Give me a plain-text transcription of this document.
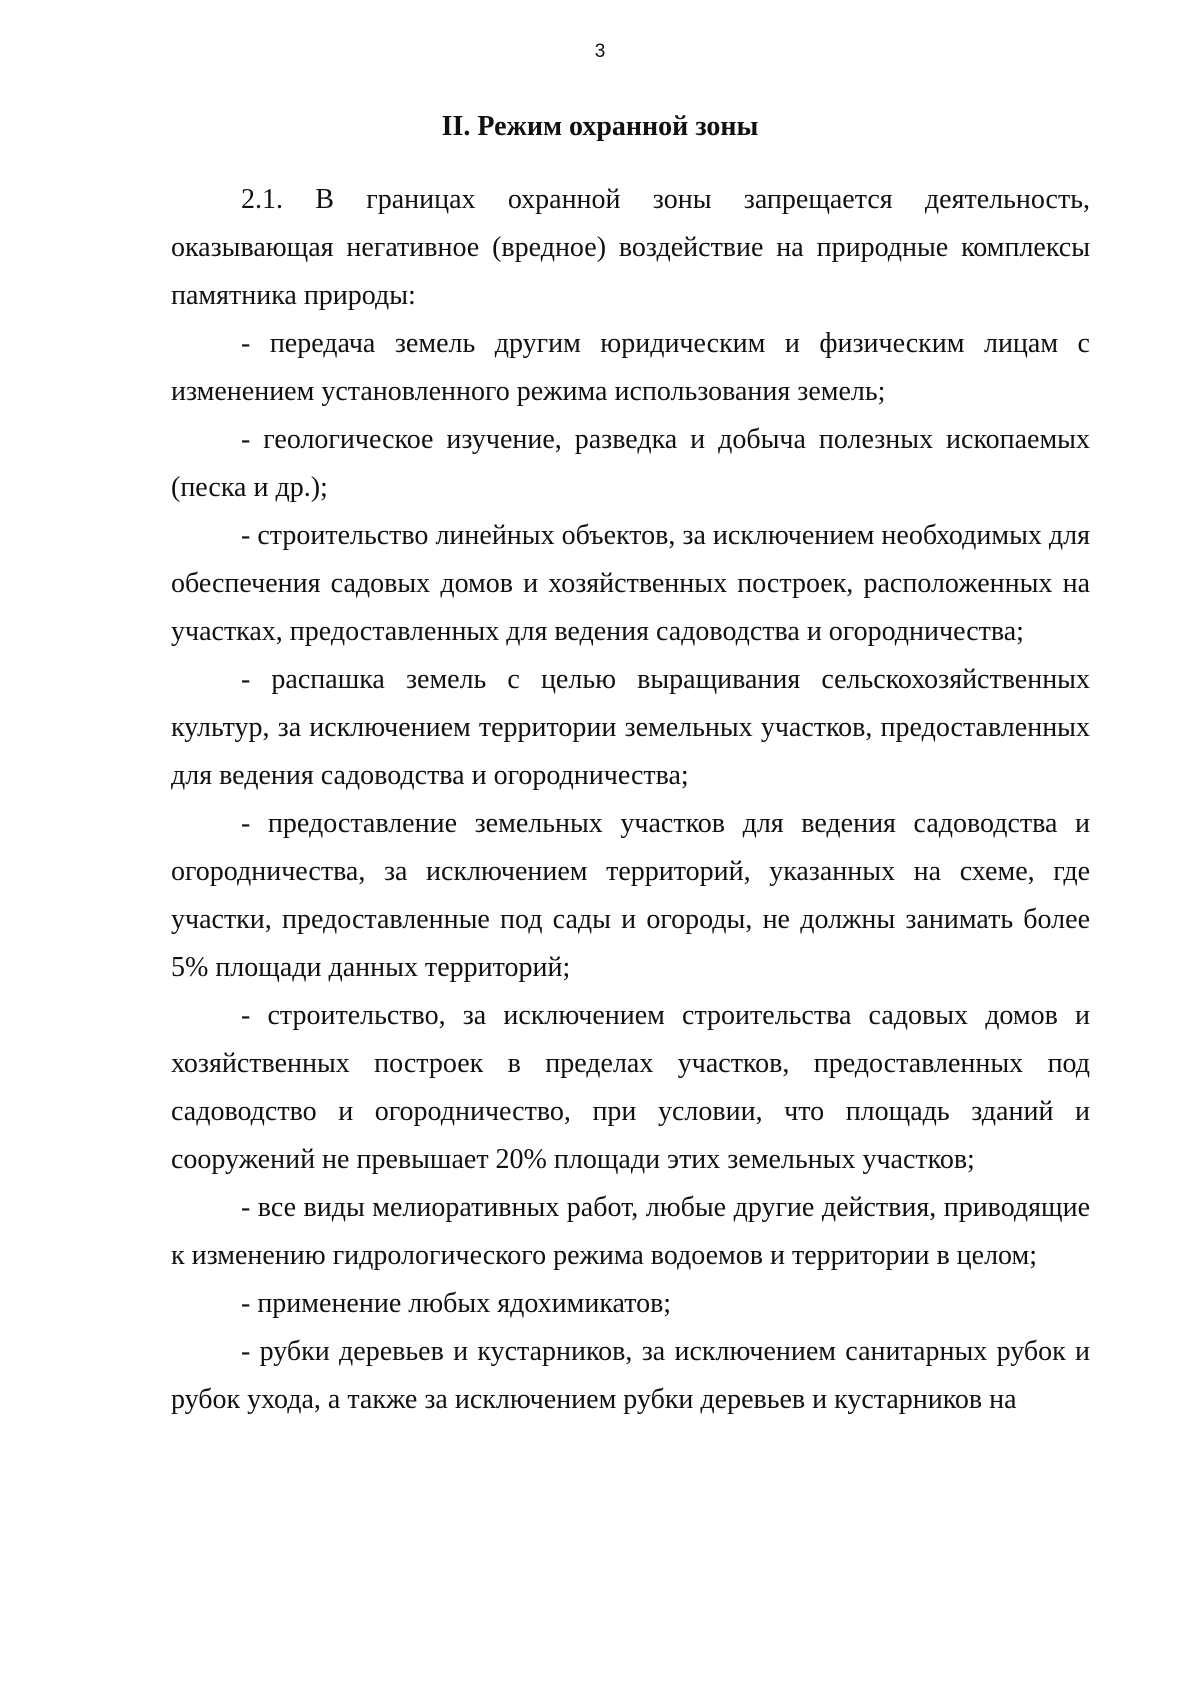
3
II. Режим охранной зоны

2.1. В границах охранной зоны запрещается деятельность, оказывающая негативное (вредное) воздействие на природные комплексы памятника природы:

- передача земель другим юридическим и физическим лицам с изменением установленного режима использования земель;

- геологическое изучение, разведка и добыча полезных ископаемых (песка и др.);

- строительство линейных объектов, за исключением необходимых для обеспечения садовых домов и хозяйственных построек, расположенных на участках, предоставленных для ведения садоводства и огородничества;

- распашка земель с целью выращивания сельскохозяйственных культур, за исключением территории земельных участков, предоставленных для ведения садоводства и огородничества;

- предоставление земельных участков для ведения садоводства и огородничества, за исключением территорий, указанных на схеме, где участки, предоставленные под сады и огороды, не должны занимать более 5% площади данных территорий;

- строительство, за исключением строительства садовых домов и хозяйственных построек в пределах участков, предоставленных под садоводство и огородничество, при условии, что площадь зданий и сооружений не превышает 20% площади этих земельных участков;

- все виды мелиоративных работ, любые другие действия, приводящие к изменению гидрологического режима водоемов и территории в целом;

- применение любых ядохимикатов;

- рубки деревьев и кустарников, за исключением санитарных рубок и рубок ухода, а также за исключением рубки деревьев и кустарников на
